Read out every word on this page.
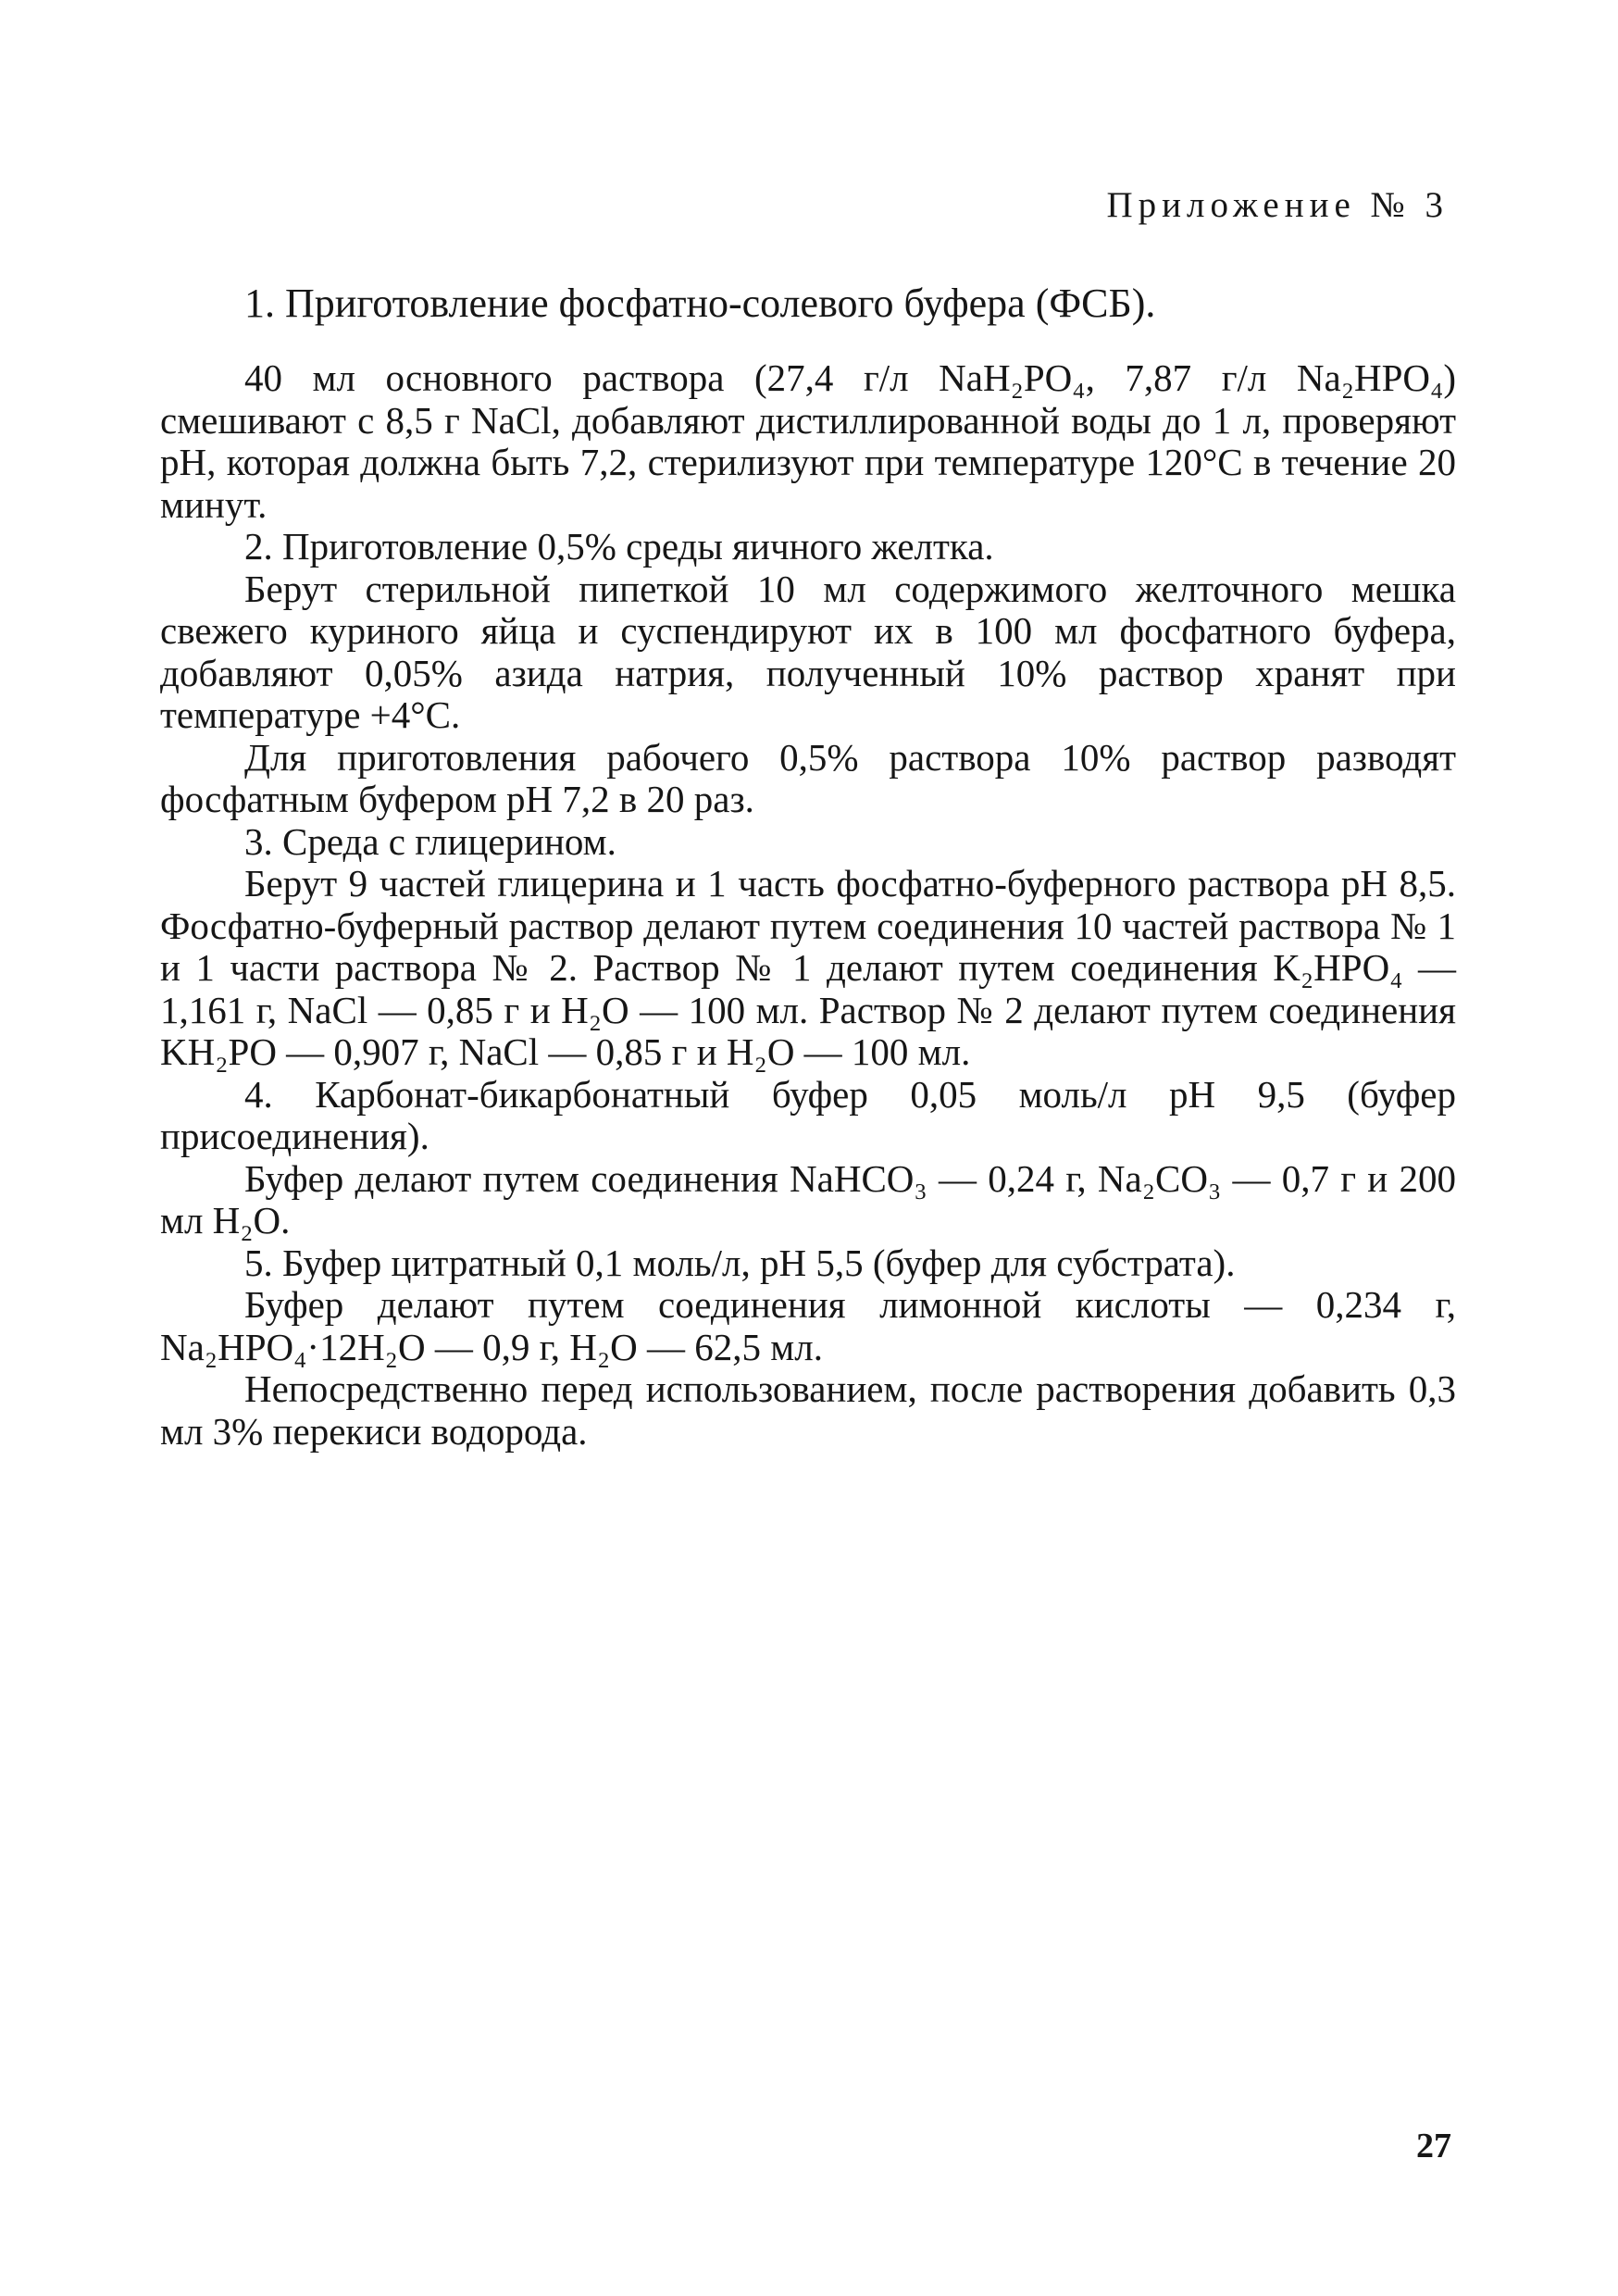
Приложение № 3
1. Приготовление фосфатно-солевого буфера (ФСБ).

40 мл основного раствора (27,4 г/л NaH₂PO₄, 7,87 г/л Na₂HPO₄) смешивают с 8,5 г NaCl, добавляют дистиллированной воды до 1 л, проверяют pH, которая должна быть 7,2, стерилизуют при температуре 120°C в течение 20 минут.

2. Приготовление 0,5% среды яичного желтка.

Берут стерильной пипеткой 10 мл содержимого желточного мешка свежего куриного яйца и суспендируют их в 100 мл фосфатного буфера, добавляют 0,05% азида натрия, полученный 10% раствор хранят при температуре +4°C.

Для приготовления рабочего 0,5% раствора 10% раствор разводят фосфатным буфером pH 7,2 в 20 раз.

3. Среда с глицерином.

Берут 9 частей глицерина и 1 часть фосфатно-буферного раствора pH 8,5. Фосфатно-буферный раствор делают путем соединения 10 частей раствора № 1 и 1 части раствора № 2. Раствор № 1 делают путем соединения K₂HPO₄ — 1,161 г, NaCl — 0,85 г и H₂O — 100 мл. Раствор № 2 делают путем соединения KH₂PO — 0,907 г, NaCl — 0,85 г и H₂O — 100 мл.

4. Карбонат-бикарбонатный буфер 0,05 моль/л pH 9,5 (буфер присоединения).

Буфер делают путем соединения NaHCO₃ — 0,24 г, Na₂CO₃ — 0,7 г и 200 мл H₂O.

5. Буфер цитратный 0,1 моль/л, pH 5,5 (буфер для субстрата).

Буфер делают путем соединения лимонной кислоты — 0,234 г, Na₂HPO₄·12H₂O — 0,9 г, H₂O — 62,5 мл.

Непосредственно перед использованием, после растворения добавить 0,3 мл 3% перекиси водорода.

27
